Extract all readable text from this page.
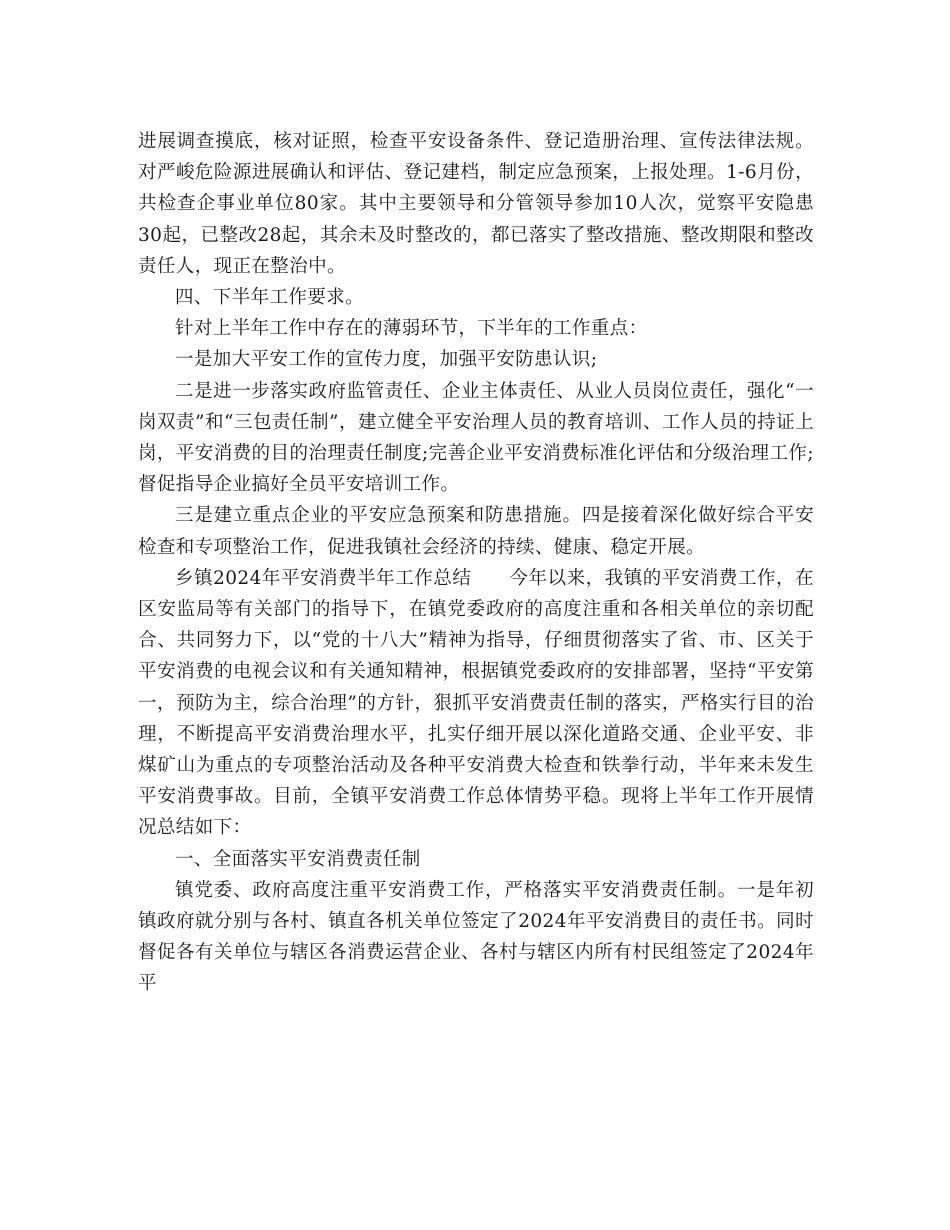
进展调查摸底，核对证照，检查平安设备条件、登记造册治理、宣传法律法规。对严峻危险源进展确认和评估、登记建档，制定应急预案，上报处理。1-6月份，共检查企事业单位80家。其中主要领导和分管领导参加10人次，觉察平安隐患30起，已整改28起，其余未及时整改的，都已落实了整改措施、整改期限和整改责任人，现正在整治中。

四、下半年工作要求。

针对上半年工作中存在的薄弱环节，下半年的工作重点：

一是加大平安工作的宣传力度，加强平安防患认识;

二是进一步落实政府监管责任、企业主体责任、从业人员岗位责任，强化“一岗双责”和“三包责任制”，建立健全平安治理人员的教育培训、工作人员的持证上岗，平安消费的目的治理责任制度;完善企业平安消费标准化评估和分级治理工作;督促指导企业搞好全员平安培训工作。

三是建立重点企业的平安应急预案和防患措施。四是接着深化做好综合平安检查和专项整治工作，促进我镇社会经济的持续、健康、稳定开展。

乡镇2024年平安消费半年工作总结　　今年以来，我镇的平安消费工作，在区安监局等有关部门的指导下，在镇党委政府的高度注重和各相关单位的亲切配合、共同努力下，以“党的十八大”精神为指导，仔细贯彻落实了省、市、区关于平安消费的电视会议和有关通知精神，根据镇党委政府的安排部署，坚持“平安第一，预防为主，综合治理”的方针，狠抓平安消费责任制的落实，严格实行目的治理，不断提高平安消费治理水平，扎实仔细开展以深化道路交通、企业平安、非煤矿山为重点的专项整治活动及各种平安消费大检查和铁拳行动，半年来未发生平安消费事故。目前，全镇平安消费工作总体情势平稳。现将上半年工作开展情况总结如下：

一、全面落实平安消费责任制

镇党委、政府高度注重平安消费工作，严格落实平安消费责任制。一是年初镇政府就分别与各村、镇直各机关单位签定了2024年平安消费目的责任书。同时督促各有关单位与辖区各消费运营企业、各村与辖区内所有村民组签定了2024年平
